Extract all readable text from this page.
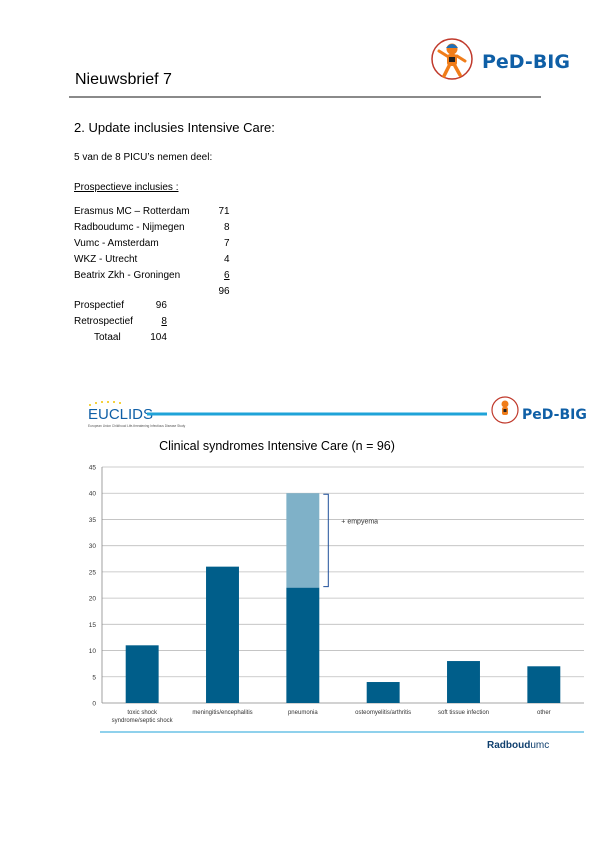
Nieuwsbrief 7
PeD-BIG
2. Update inclusies Intensive Care:
5 van de 8 PICU’s nemen deel:
Prospectieve inclusies :
Erasmus MC – Rotterdam	71
Radboudumc - Nijmegen	8
Vumc - Amsterdam	7
WKZ - Utrecht	4
Beatrix Zkh - Groningen	6
	96
Prospectief	96
Retrospectief	8
Totaal	104
EUCLIDS
European Union Childhood Life-threatening Infectious Disease Study
PeD-BIG
Clinical syndromes Intensive Care (n = 96)
0
5
10
15
20
25
30
35
40
45
toxic shock
syndrome/septic shock
meningitis/encephalitis
+ empyema
pneumonia	osteomyelitis/arthritis	soft tissue infection	other
Radboudumc
